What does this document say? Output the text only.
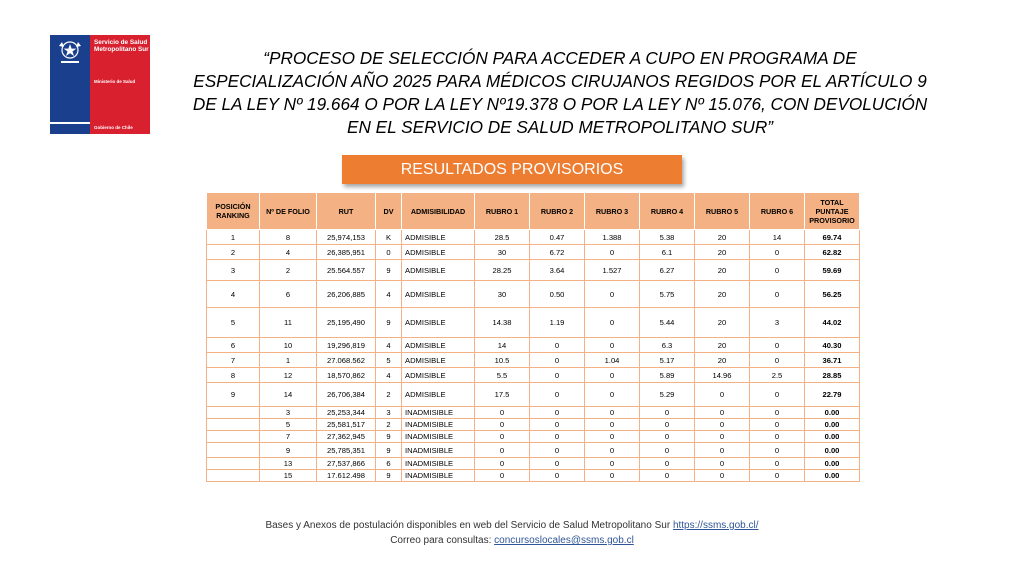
Servicio de Salud Metropolitano Sur
Ministerio de Salud
Gobierno de Chile
“PROCESO DE SELECCIÓN PARA ACCEDER A CUPO EN PROGRAMA DE ESPECIALIZACIÓN AÑO 2025 PARA MÉDICOS CIRUJANOS REGIDOS POR EL ARTÍCULO 9 DE LA LEY Nº 19.664 O POR LA LEY Nº19.378 O POR LA LEY Nº 15.076, CON DEVOLUCIÓN EN EL SERVICIO DE SALUD METROPOLITANO SUR”
RESULTADOS PROVISORIOS
POSICIÓN RANKING	Nº DE FOLIO	RUT	DV	ADMISIBILIDAD	RUBRO 1	RUBRO 2	RUBRO 3	RUBRO 4	RUBRO 5	RUBRO 6	TOTAL PUNTAJE PROVISORIO
1	8	25,974,153	K	ADMISIBLE	28.5	0.47	1.388	5.38	20	14	69.74
2	4	26,385,951	0	ADMISIBLE	30	6.72	0	6.1	20	0	62.82
3	2	25.564.557	9	ADMISIBLE	28.25	3.64	1.527	6.27	20	0	59.69
4	6	26,206,885	4	ADMISIBLE	30	0.50	0	5.75	20	0	56.25
5	11	25,195,490	9	ADMISIBLE	14.38	1.19	0	5.44	20	3	44.02
6	10	19,296,819	4	ADMISIBLE	14	0	0	6.3	20	0	40.30
7	1	27.068.562	5	ADMISIBLE	10.5	0	1.04	5.17	20	0	36.71
8	12	18,570,862	4	ADMISIBLE	5.5	0	0	5.89	14.96	2.5	28.85
9	14	26,706,384	2	ADMISIBLE	17.5	0	0	5.29	0	0	22.79
	3	25,253,344	3	INADMISIBLE	0	0	0	0	0	0	0.00
	5	25,581,517	2	INADMISIBLE	0	0	0	0	0	0	0.00
	7	27,362,945	9	INADMISIBLE	0	0	0	0	0	0	0.00
	9	25,785,351	9	INADMISIBLE	0	0	0	0	0	0	0.00
	13	27,537,866	6	INADMISIBLE	0	0	0	0	0	0	0.00
	15	17.612.498	9	INADMISIBLE	0	0	0	0	0	0	0.00
Bases y Anexos de postulación disponibles en web del Servicio de Salud Metropolitano Sur https://ssms.gob.cl/
Correo para consultas: concursoslocales@ssms.gob.cl
